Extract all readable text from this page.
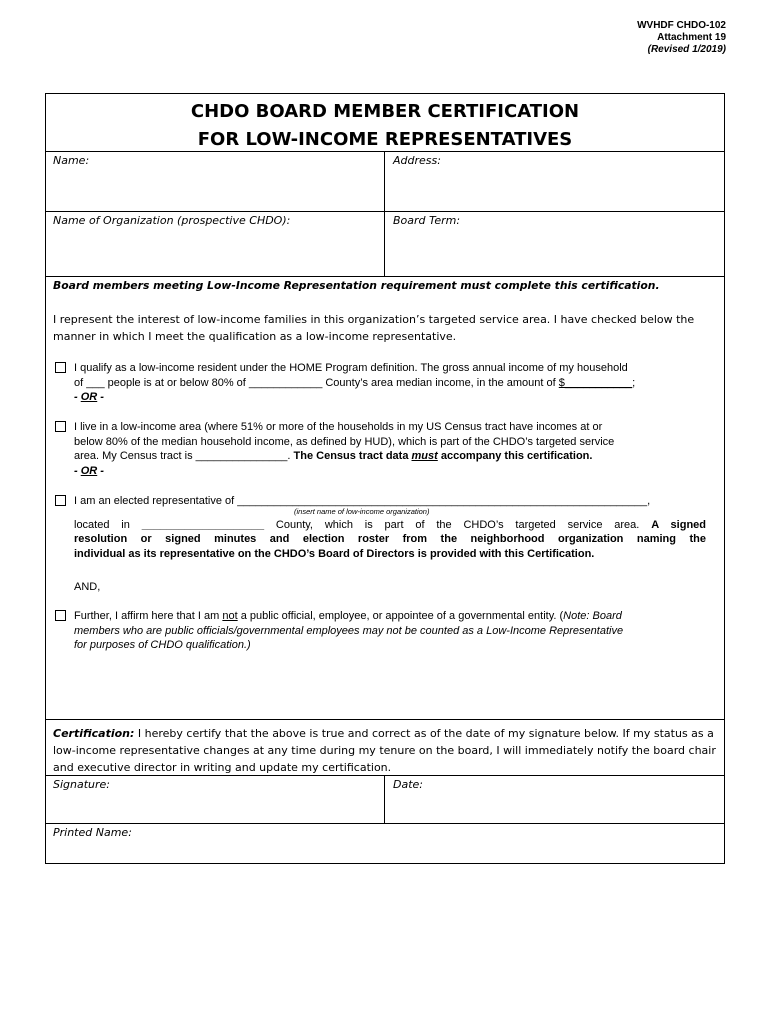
WVHDF CHDO-102
Attachment 19
(Revised 1/2019)
CHDO BOARD MEMBER CERTIFICATION
FOR LOW-INCOME REPRESENTATIVES
Name:	Address:
Name of Organization (prospective CHDO):	Board Term:
Board members meeting Low-Income Representation requirement must complete this certification.
I represent the interest of low-income families in this organization’s targeted service area. I have checked below the
manner in which I meet the qualification as a low-income representative.
I qualify as a low-income resident under the HOME Program definition. The gross annual income of my household
of ___ people is at or below 80% of ____________ County’s area median income, in the amount of $___________;
- OR -
I live in a low-income area (where 51% or more of the households in my US Census tract have incomes at or
below 80% of the median household income, as defined by HUD), which is part of the CHDO’s targeted service
area. My Census tract is _______________. The Census tract data must accompany this certification.
- OR -
I am an elected representative of ___________________________________________________________________,
(insert name of low-income organization)
located in ____________________ County, which is part of the CHDO’s targeted service area. A signed
resolution or signed minutes and election roster from the neighborhood organization naming the
individual as its representative on the CHDO’s Board of Directors is provided with this Certification.
AND,
Further, I affirm here that I am not a public official, employee, or appointee of a governmental entity. (Note: Board
members who are public officials/governmental employees may not be counted as a Low-Income Representative
for purposes of CHDO qualification.)
Certification: I hereby certify that the above is true and correct as of the date of my signature below. If my status as a
low-income representative changes at any time during my tenure on the board, I will immediately notify the board chair
and executive director in writing and update my certification.
Signature:	Date:
Printed Name:
